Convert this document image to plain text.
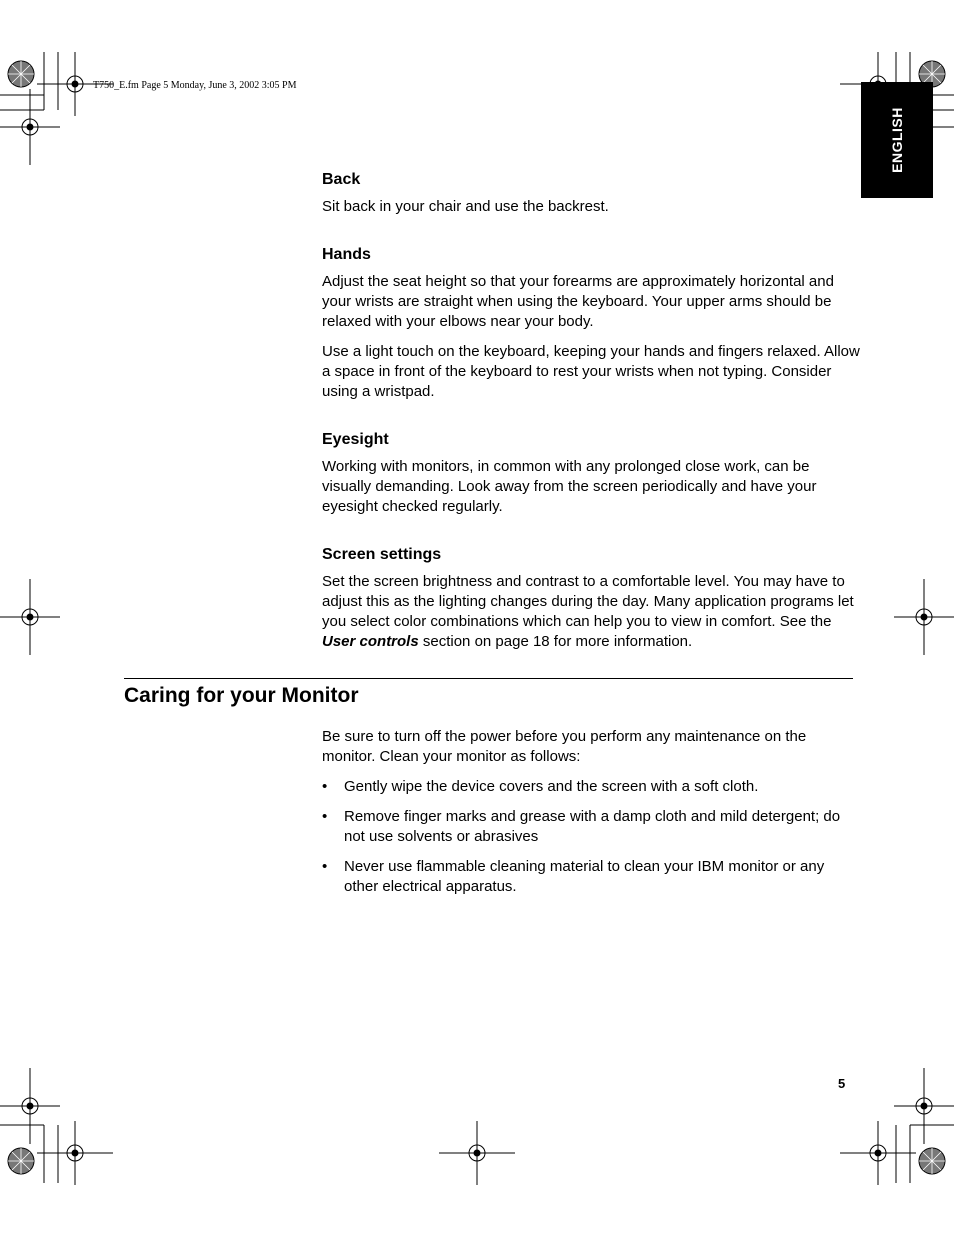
T750_E.fm Page 5 Monday, June 3, 2002 3:05 PM
ENGLISH
Back

Sit back in your chair and use the backrest.

Hands

Adjust the seat height so that your forearms are approximately horizontal and your wrists are straight when using the keyboard. Your upper arms should be relaxed with your elbows near your body.

Use a light touch on the keyboard, keeping your hands and fingers relaxed. Allow a space in front of the keyboard to rest your wrists when not typing. Consider using a wristpad.

Eyesight

Working with monitors, in common with any prolonged close work, can be visually demanding. Look away from the screen periodically and have your eyesight checked regularly.

Screen settings

Set the screen brightness and contrast to a comfortable level. You may have to adjust this as the lighting changes during the day. Many application programs let you select color combinations which can help you to view in comfort. See the User controls section on page 18 for more information.

Caring for your Monitor

Be sure to turn off the power before you perform any maintenance on the monitor. Clean your monitor as follows:

• Gently wipe the device covers and the screen with a soft cloth.
• Remove finger marks and grease with a damp cloth and mild detergent; do not use solvents or abrasives
• Never use flammable cleaning material to clean your IBM monitor or any other electrical apparatus.
5
